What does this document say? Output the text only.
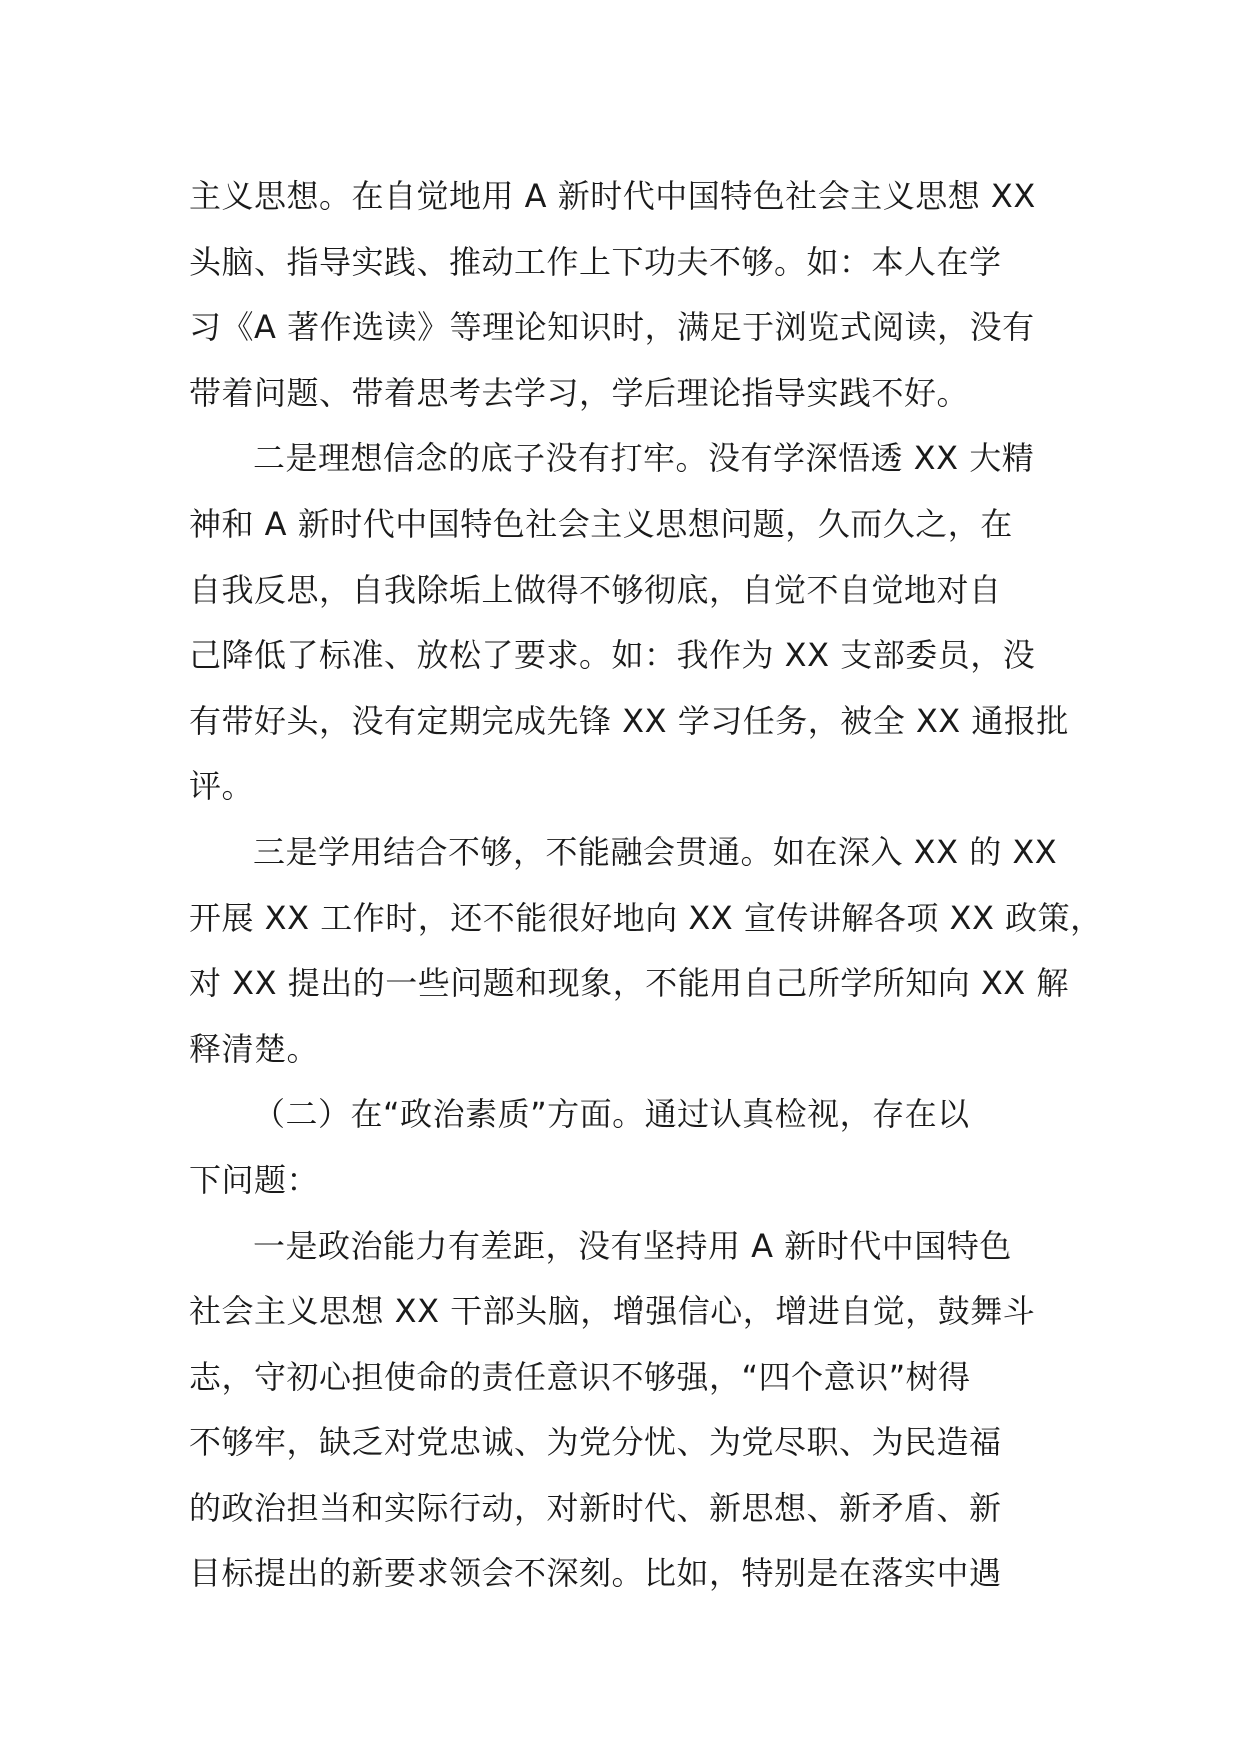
主义思想。在自觉地用 A 新时代中国特色社会主义思想 XX
头脑、指导实践、推动工作上下功夫不够。如：本人在学
习《A 著作选读》等理论知识时，满足于浏览式阅读，没有
带着问题、带着思考去学习，学后理论指导实践不好。
二是理想信念的底子没有打牢。没有学深悟透 XX 大精
神和 A 新时代中国特色社会主义思想问题，久而久之，在
自我反思，自我除垢上做得不够彻底，自觉不自觉地对自
己降低了标准、放松了要求。如：我作为 XX 支部委员，没
有带好头，没有定期完成先锋 XX 学习任务，被全 XX 通报批
评。
三是学用结合不够，不能融会贯通。如在深入 XX 的 XX
开展 XX 工作时，还不能很好地向 XX 宣传讲解各项 XX 政策，
对 XX 提出的一些问题和现象，不能用自己所学所知向 XX 解
释清楚。
（二）在“政治素质”方面。通过认真检视，存在以
下问题：
一是政治能力有差距，没有坚持用 A 新时代中国特色
社会主义思想 XX 干部头脑，增强信心，增进自觉，鼓舞斗
志，守初心担使命的责任意识不够强，“四个意识”树得
不够牢，缺乏对党忠诚、为党分忧、为党尽职、为民造福
的政治担当和实际行动，对新时代、新思想、新矛盾、新
目标提出的新要求领会不深刻。比如，特别是在落实中遇
